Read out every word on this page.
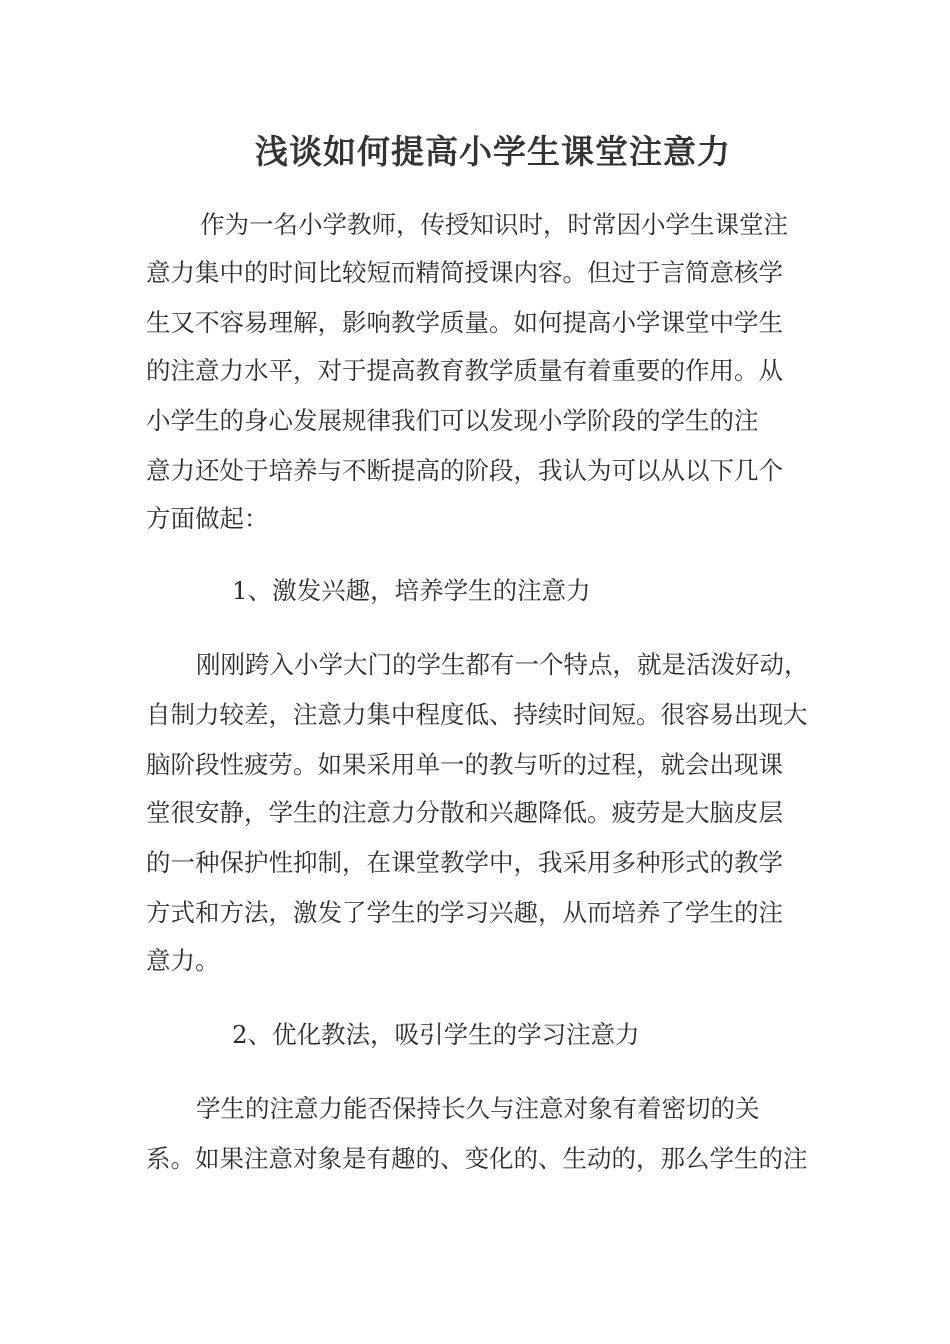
浅谈如何提高小学生课堂注意力
作为一名小学教师，传授知识时，时常因小学生课堂注
意力集中的时间比较短而精简授课内容。但过于言简意核学
生又不容易理解，影响教学质量。如何提高小学课堂中学生
的注意力水平，对于提高教育教学质量有着重要的作用。从
小学生的身心发展规律我们可以发现小学阶段的学生的注
意力还处于培养与不断提高的阶段，我认为可以从以下几个
方面做起：
1、激发兴趣，培养学生的注意力
刚刚跨入小学大门的学生都有一个特点，就是活泼好动，
自制力较差，注意力集中程度低、持续时间短。很容易出现大
脑阶段性疲劳。如果采用单一的教与听的过程，就会出现课
堂很安静，学生的注意力分散和兴趣降低。疲劳是大脑皮层
的一种保护性抑制，在课堂教学中，我采用多种形式的教学
方式和方法，激发了学生的学习兴趣，从而培养了学生的注
意力。
2、优化教法，吸引学生的学习注意力
学生的注意力能否保持长久与注意对象有着密切的关
系。如果注意对象是有趣的、变化的、生动的，那么学生的注
